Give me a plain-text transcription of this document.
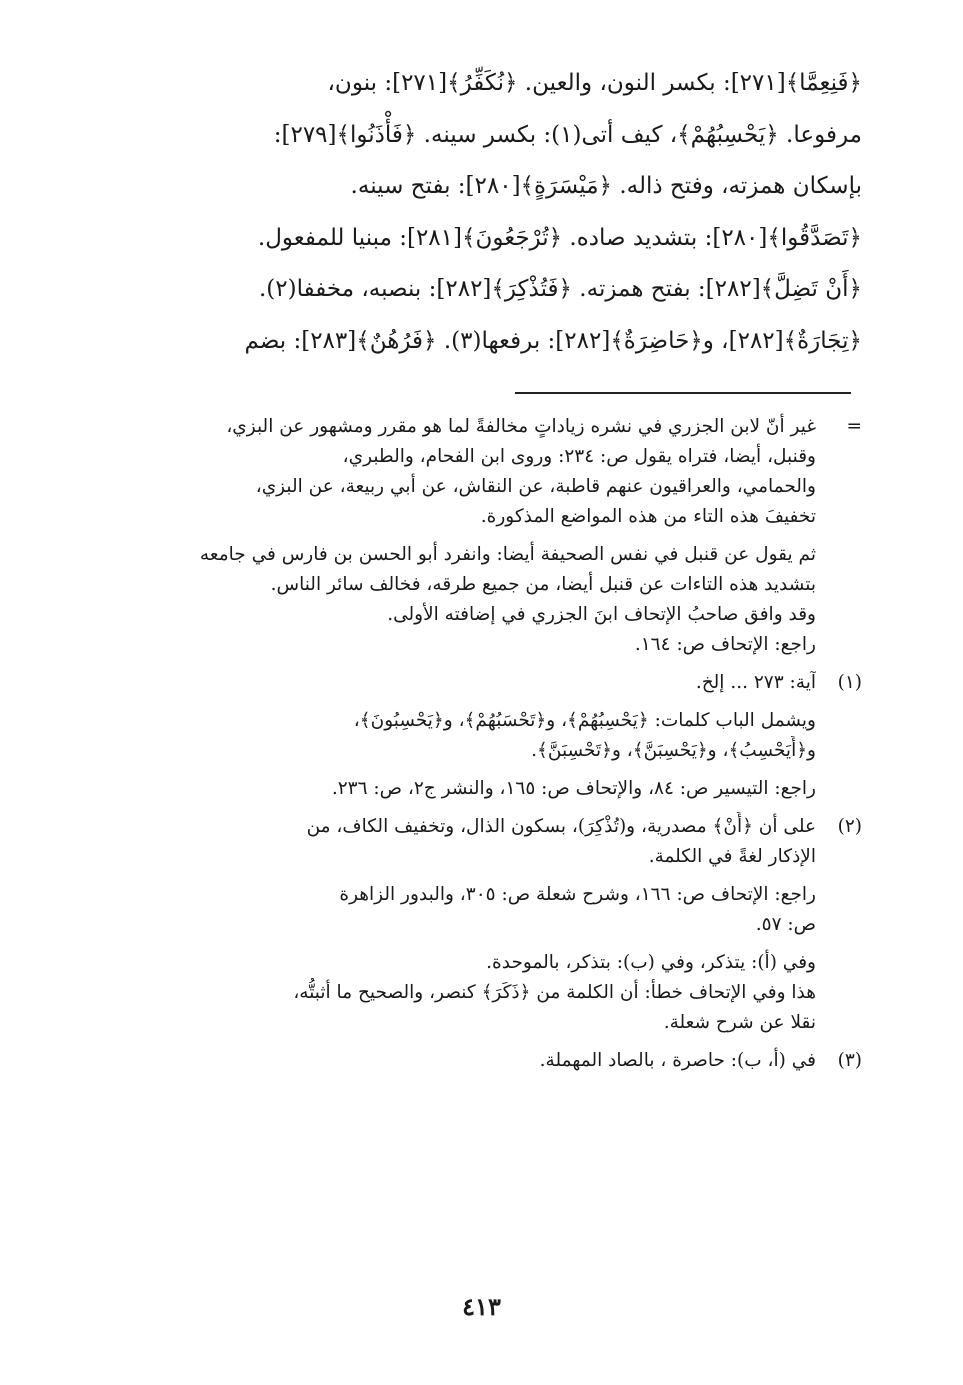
﴿فَنِعِمَّا﴾[٢٧١]: بكسر النون، والعين. ﴿نُكَفِّرُ﴾[٢٧١]: بنون،
مرفوعا. ﴿يَحْسِبُهُمْ﴾، كيف أتى(١): بكسر سينه. ﴿فَأْذَنُوا﴾[٢٧٩]:
بإسكان همزته، وفتح ذاله. ﴿مَيْسَرَةٍ﴾[٢٨٠]: بفتح سينه.
﴿تَصَدَّقُوا﴾[٢٨٠]: بتشديد صاده. ﴿تُرْجَعُونَ﴾[٢٨١]: مبنيا للمفعول.
﴿أَنْ تَضِلَّ﴾[٢٨٢]: بفتح همزته. ﴿فَتُذْكِرَ﴾[٢٨٢]: بنصبه، مخففا(٢).
﴿تِجَارَةٌ﴾[٢٨٢]، و﴿حَاضِرَةٌ﴾[٢٨٢]: برفعها(٣). ﴿فَرُهُنٌ﴾[٢٨٣]: بضم
=
غير أنّ لابن الجزري في نشره زياداتٍ مخالفةً لما هو مقرر ومشهور عن البزي،
وقنبل، أيضا، فتراه يقول ص: ٢٣٤: وروى ابن الفحام، والطبري،
والحمامي، والعراقيون عنهم قاطبة، عن النقاش، عن أبي ربيعة، عن البزي،
تخفيفَ هذه التاء من هذه المواضع المذكورة.
ثم يقول عن قنبل في نفس الصحيفة أيضا: وانفرد أبو الحسن بن فارس في جامعه
بتشديد هذه التاءات عن قنبل أيضا، من جميع طرقه، فخالف سائر الناس.
وقد وافق صاحبُ الإتحاف ابنَ الجزري في إضافته الأولى.
راجع: الإتحاف ص: ١٦٤.
(١)
آية: ٢٧٣ ... إلخ.
ويشمل الباب كلمات: ﴿يَحْسِبُهُمْ﴾، و﴿تَحْسَبُهُمْ﴾، و﴿يَحْسِبُونَ﴾،
و﴿أَيَحْسِبُ﴾، و﴿يَحْسِبَنَّ﴾، و﴿تَحْسِبَنَّ﴾.
راجع: التيسير ص: ٨٤، والإتحاف ص: ١٦٥، والنشر ج٢، ص: ٢٣٦.
(٢)
على أن ﴿أَنْ﴾ مصدرية، و(تُذْكِرَ)، بسكون الذال، وتخفيف الكاف، من
الإذكار لغةً في الكلمة.
راجع: الإتحاف ص: ١٦٦، وشرح شعلة ص: ٣٠٥، والبدور الزاهرة
ص: ٥٧.
وفي (أ): يتذكر، وفي (ب): بتذكر، بالموحدة.
هذا وفي الإتحاف خطأ: أن الكلمة من ﴿ذَكَرَ﴾ كنصر، والصحيح ما أثبتُّه،
نقلا عن شرح شعلة.
(٣)
في (أ، ب): حاصرة ، بالصاد المهملة.
٤١٣
